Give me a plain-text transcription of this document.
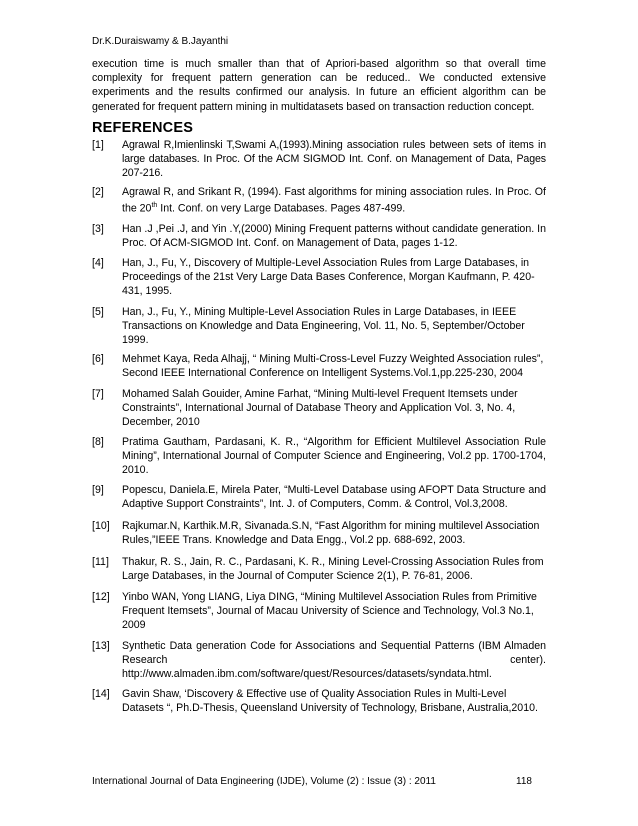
Dr.K.Duraiswamy & B.Jayanthi
execution time is much smaller than that of Apriori-based algorithm so that overall time complexity for frequent pattern generation can be reduced.. We conducted extensive experiments and the results confirmed our analysis. In future an efficient algorithm can be generated for frequent pattern mining in multidatasets based on transaction reduction concept.
REFERENCES
[1] Agrawal R,Imienlinski T,Swami A,(1993).Mining association rules between sets of items in large databases. In Proc. Of the ACM SIGMOD Int. Conf. on Management of Data, Pages 207-216.
[2] Agrawal R, and Srikant R, (1994). Fast algorithms for mining association rules. In Proc. Of the 20th Int. Conf. on very Large Databases. Pages 487-499.
[3] Han .J ,Pei .J, and Yin .Y,(2000) Mining Frequent patterns without candidate generation. In Proc. Of ACM-SIGMOD Int. Conf. on Management of Data, pages 1-12.
[4] Han, J., Fu, Y., Discovery of Multiple-Level Association Rules from Large Databases, in Proceedings of the 21st Very Large Data Bases Conference, Morgan Kaufmann, P. 420-431, 1995.
[5] Han, J., Fu, Y., Mining Multiple-Level Association Rules in Large Databases, in IEEE Transactions on Knowledge and Data Engineering, Vol. 11, No. 5, September/October 1999.
[6] Mehmet Kaya, Reda Alhajj, “ Mining Multi-Cross-Level Fuzzy Weighted Association rules”, Second IEEE International Conference on Intelligent Systems.Vol.1,pp.225-230, 2004
[7] Mohamed Salah Gouider, Amine Farhat, “Mining Multi-level Frequent Itemsets under Constraints”, International Journal of Database Theory and Application Vol. 3, No. 4, December, 2010
[8] Pratima Gautham, Pardasani, K. R., “Algorithm for Efficient Multilevel Association Rule Mining”, International Journal of Computer Science and Engineering, Vol.2 pp. 1700-1704, 2010.
[9] Popescu, Daniela.E, Mirela Pater, “Multi-Level Database using AFOPT Data Structure and Adaptive Support Constraints”, Int. J. of Computers, Comm. & Control, Vol.3,2008.
[10] Rajkumar.N, Karthik.M.R, Sivanada.S.N, “Fast Algorithm for mining multilevel Association Rules,”IEEE Trans. Knowledge and Data Engg., Vol.2 pp. 688-692, 2003.
[11] Thakur, R. S., Jain, R. C., Pardasani, K. R., Mining Level-Crossing Association Rules from Large Databases, in the Journal of Computer Science 2(1), P. 76-81, 2006.
[12] Yinbo WAN, Yong LIANG, Liya DING, “Mining Multilevel Association Rules from Primitive Frequent Itemsets”, Journal of Macau University of Science and Technology, Vol.3 No.1, 2009
[13] Synthetic Data generation Code for Associations and Sequential Patterns (IBM Almaden Research center). http://www.almaden.ibm.com/software/quest/Resources/datasets/syndata.html.
[14] Gavin Shaw, ‘Discovery & Effective use of Quality Association Rules in Multi-Level Datasets “, Ph.D-Thesis, Queensland University of Technology, Brisbane, Australia,2010.
International Journal of Data Engineering (IJDE), Volume (2) : Issue (3) : 2011	118
